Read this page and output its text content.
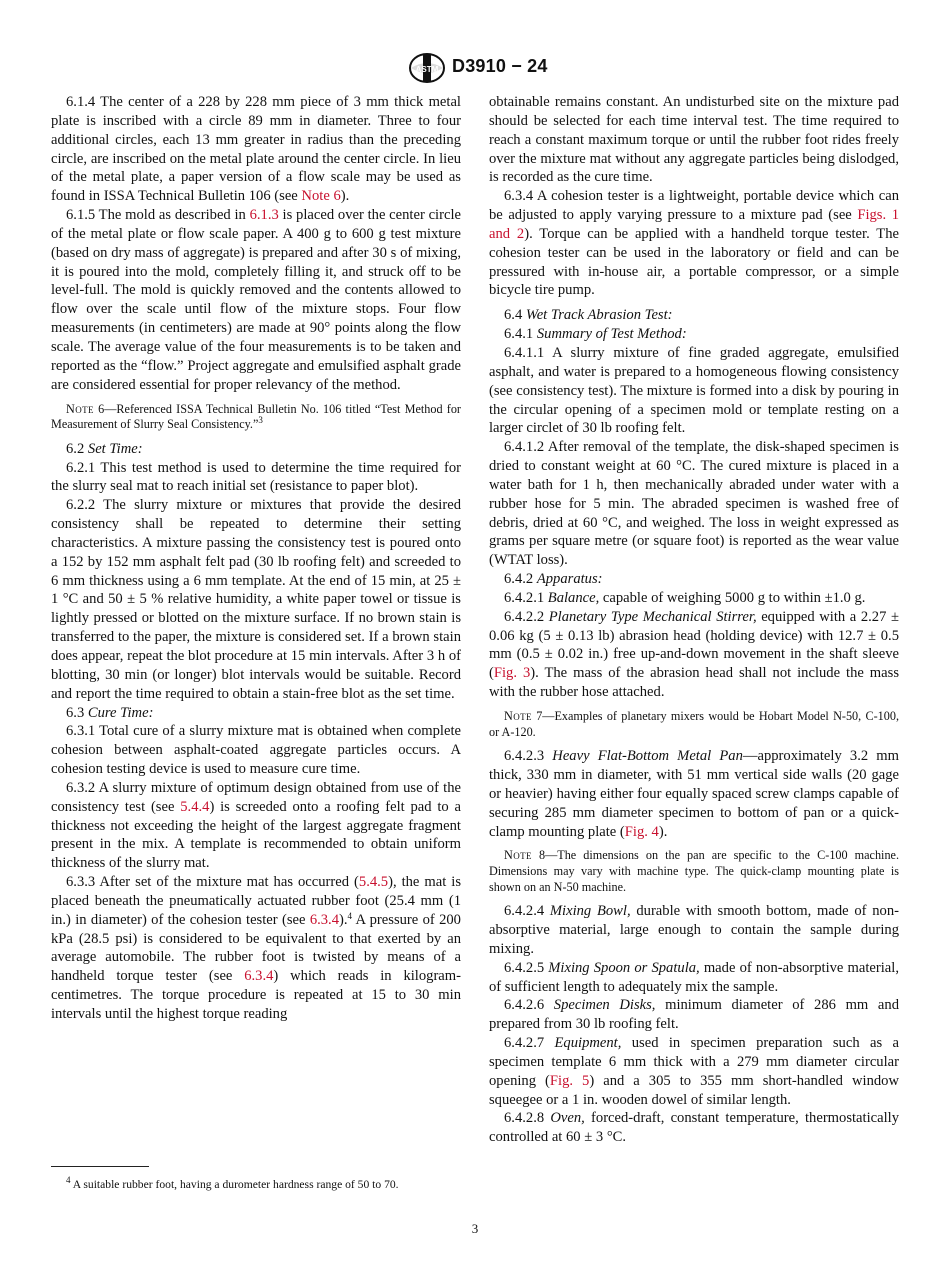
ASTM D3910 − 24

6.1.4 The center of a 228 by 228 mm piece of 3 mm thick metal plate is inscribed with a circle 89 mm in diameter. Three to four additional circles, each 13 mm greater in radius than the preceding circle, are inscribed on the metal plate around the center circle. In lieu of the metal plate, a paper version of a flow scale may be used as found in ISSA Technical Bulletin 106 (see Note 6).

6.1.5 The mold as described in 6.1.3 is placed over the center circle of the metal plate or flow scale paper. A 400 g to 600 g test mixture (based on dry mass of aggregate) is prepared and after 30 s of mixing, it is poured into the mold, completely filling it, and struck off to be level-full. The mold is quickly removed and the contents allowed to flow over the scale until flow of the mixture stops. Four flow measurements (in centimeters) are made at 90° points along the flow scale. The average value of the four measurements is to be taken and reported as the “flow.” Project aggregate and emulsified asphalt grade are considered essential for proper relevancy of the method.

Note 6—Referenced ISSA Technical Bulletin No. 106 titled “Test Method for Measurement of Slurry Seal Consistency.”$^3$

6.2 Set Time:

6.2.1 This test method is used to determine the time required for the slurry seal mat to reach initial set (resistance to paper blot).

6.2.2 The slurry mixture or mixtures that provide the desired consistency shall be repeated to determine their setting characteristics. A mixture passing the consistency test is poured onto a 152 by 152 mm asphalt felt pad (30 lb roofing felt) and screeded to 6 mm thickness using a 6 mm template. At the end of 15 min, at 25 ± 1 °C and 50 ± 5 % relative humidity, a white paper towel or tissue is lightly pressed or blotted on the mixture surface. If no brown stain is transferred to the paper, the mixture is considered set. If a brown stain does appear, repeat the blot procedure at 15 min intervals. After 3 h of blotting, 30 min (or longer) blot intervals would be suitable. Record and report the time required to obtain a stain-free blot as the set time.

6.3 Cure Time:

6.3.1 Total cure of a slurry mixture mat is obtained when complete cohesion between asphalt-coated aggregate particles occurs. A cohesion testing device is used to measure cure time.

6.3.2 A slurry mixture of optimum design obtained from use of the consistency test (see 5.4.4) is screeded onto a roofing felt pad to a thickness not exceeding the height of the largest aggregate fragment present in the mix. A template is recommended to obtain uniform thickness of the slurry mat.

6.3.3 After set of the mixture mat has occurred (5.4.5), the mat is placed beneath the pneumatically actuated rubber foot (25.4 mm (1 in.) in diameter) of the cohesion tester (see 6.3.4).$^4$ A pressure of 200 kPa (28.5 psi) is considered to be equivalent to that exerted by an average automobile. The rubber foot is twisted by means of a handheld torque tester (see 6.3.4) which reads in kilogram-centimetres. The torque procedure is repeated at 15 to 30 min intervals until the highest torque reading

obtainable remains constant. An undisturbed site on the mixture pad should be selected for each time interval test. The time required to reach a constant maximum torque or until the rubber foot rides freely over the mixture mat without any aggregate particles being dislodged, is recorded as the cure time.

6.3.4 A cohesion tester is a lightweight, portable device which can be adjusted to apply varying pressure to a mixture pad (see Figs. 1 and 2). Torque can be applied with a handheld torque tester. The cohesion tester can be used in the laboratory or field and can be pressured with in-house air, a portable compressor, or a simple bicycle tire pump.

6.4 Wet Track Abrasion Test:

6.4.1 Summary of Test Method:

6.4.1.1 A slurry mixture of fine graded aggregate, emulsified asphalt, and water is prepared to a homogeneous flowing consistency (see consistency test). The mixture is formed into a disk by pouring in the circular opening of a specimen mold or template resting on a larger circlet of 30 lb roofing felt.

6.4.1.2 After removal of the template, the disk-shaped specimen is dried to constant weight at 60 °C. The cured mixture is placed in a water bath for 1 h, then mechanically abraded under water with a rubber hose for 5 min. The abraded specimen is washed free of debris, dried at 60 °C, and weighed. The loss in weight expressed as grams per square metre (or square foot) is reported as the wear value (WTAT loss).

6.4.2 Apparatus:

6.4.2.1 Balance, capable of weighing 5000 g to within ±1.0 g.

6.4.2.2 Planetary Type Mechanical Stirrer, equipped with a 2.27 ± 0.06 kg (5 ± 0.13 lb) abrasion head (holding device) with 12.7 ± 0.5 mm (0.5 ± 0.02 in.) free up-and-down movement in the shaft sleeve (Fig. 3). The mass of the abrasion head shall not include the mass with the rubber hose attached.

Note 7—Examples of planetary mixers would be Hobart Model N-50, C-100, or A-120.

6.4.2.3 Heavy Flat-Bottom Metal Pan—approximately 3.2 mm thick, 330 mm in diameter, with 51 mm vertical side walls (20 gage or heavier) having either four equally spaced screw clamps capable of securing 285 mm diameter specimen to bottom of pan or a quick-clamp mounting plate (Fig. 4).

Note 8—The dimensions on the pan are specific to the C-100 machine. Dimensions may vary with machine type. The quick-clamp mounting plate is shown on an N-50 machine.

6.4.2.4 Mixing Bowl, durable with smooth bottom, made of non-absorptive material, large enough to contain the sample during mixing.

6.4.2.5 Mixing Spoon or Spatula, made of non-absorptive material, of sufficient length to adequately mix the sample.

6.4.2.6 Specimen Disks, minimum diameter of 286 mm and prepared from 30 lb roofing felt.

6.4.2.7 Equipment, used in specimen preparation such as a specimen template 6 mm thick with a 279 mm diameter circular opening (Fig. 5) and a 305 to 355 mm short-handled window squeegee or a 1 in. wooden dowel of similar length.

6.4.2.8 Oven, forced-draft, constant temperature, thermostatically controlled at 60 ± 3 °C.

$^4$ A suitable rubber foot, having a durometer hardness range of 50 to 70.
3
